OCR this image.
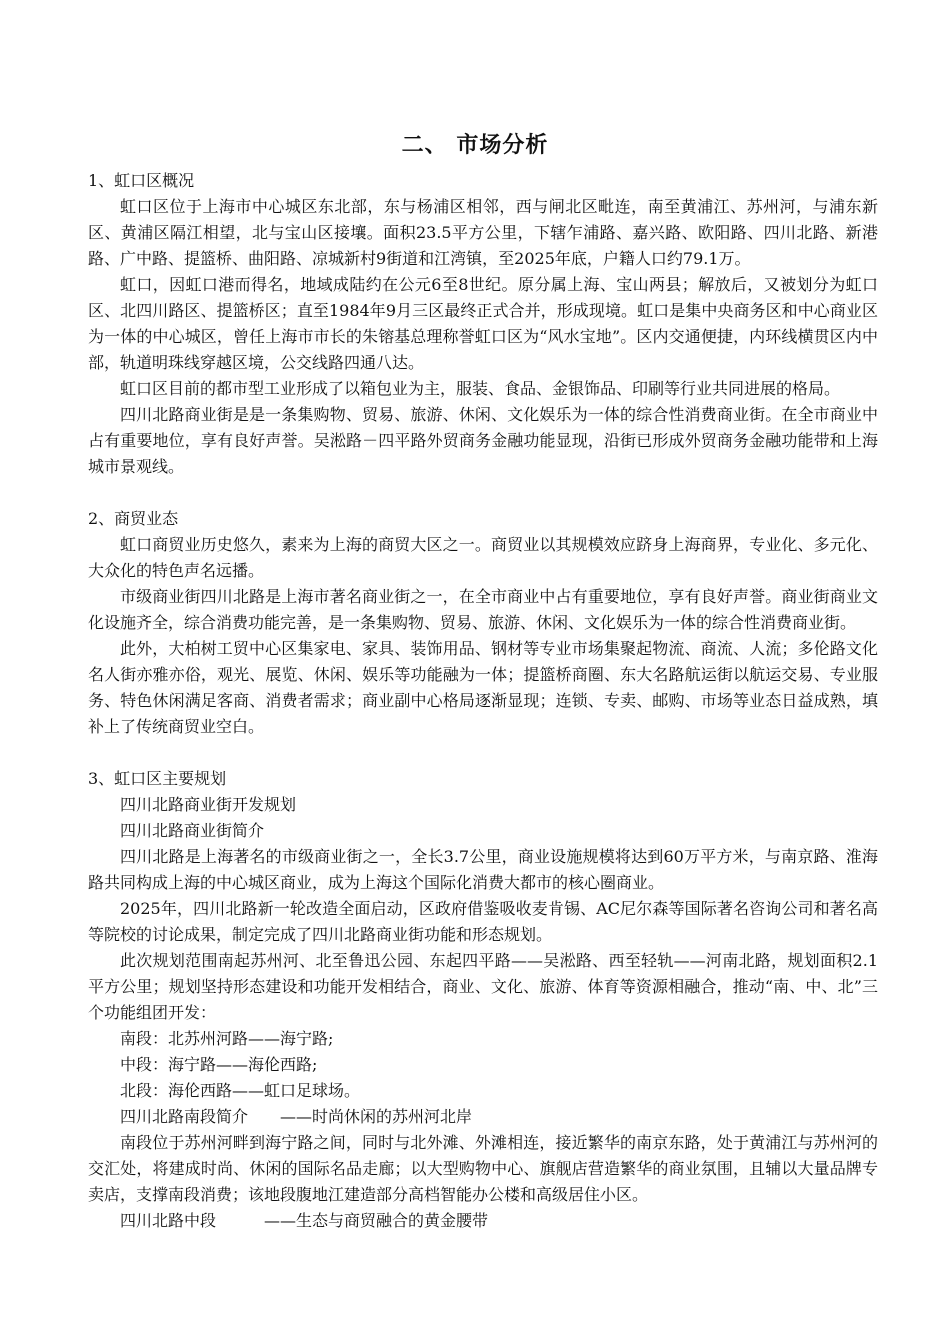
二、 市场分析

1、虹口区概况

虹口区位于上海市中心城区东北部，东与杨浦区相邻，西与闸北区毗连，南至黄浦江、苏州河，与浦东新区、黄浦区隔江相望，北与宝山区接壤。面积23.5平方公里，下辖乍浦路、嘉兴路、欧阳路、四川北路、新港路、广中路、提篮桥、曲阳路、凉城新村9街道和江湾镇，至2025年底，户籍人口约79.1万。

虹口，因虹口港而得名，地域成陆约在公元6至8世纪。原分属上海、宝山两县；解放后，又被划分为虹口区、北四川路区、提篮桥区；直至1984年9月三区最终正式合并，形成现境。虹口是集中央商务区和中心商业区为一体的中心城区，曾任上海市市长的朱镕基总理称誉虹口区为“风水宝地”。区内交通便捷，内环线横贯区内中部，轨道明珠线穿越区境，公交线路四通八达。

虹口区目前的都市型工业形成了以箱包业为主，服装、食品、金银饰品、印刷等行业共同进展的格局。

四川北路商业街是是一条集购物、贸易、旅游、休闲、文化娱乐为一体的综合性消费商业街。在全市商业中占有重要地位，享有良好声誉。吴淞路－四平路外贸商务金融功能显现，沿街已形成外贸商务金融功能带和上海城市景观线。

2、商贸业态

虹口商贸业历史悠久，素来为上海的商贸大区之一。商贸业以其规模效应跻身上海商界，专业化、多元化、大众化的特色声名远播。

市级商业街四川北路是上海市著名商业街之一，在全市商业中占有重要地位，享有良好声誉。商业街商业文化设施齐全，综合消费功能完善，是一条集购物、贸易、旅游、休闲、文化娱乐为一体的综合性消费商业街。

此外，大柏树工贸中心区集家电、家具、装饰用品、钢材等专业市场集聚起物流、商流、人流；多伦路文化名人街亦雅亦俗，观光、展览、休闲、娱乐等功能融为一体；提篮桥商圈、东大名路航运街以航运交易、专业服务、特色休闲满足客商、消费者需求；商业副中心格局逐渐显现；连锁、专卖、邮购、市场等业态日益成熟，填补上了传统商贸业空白。

3、虹口区主要规划

四川北路商业街开发规划

四川北路商业街简介

四川北路是上海著名的市级商业街之一，全长3.7公里，商业设施规模将达到60万平方米，与南京路、淮海路共同构成上海的中心城区商业，成为上海这个国际化消费大都市的核心圈商业。

2025年，四川北路新一轮改造全面启动，区政府借鉴吸收麦肯锡、AC尼尔森等国际著名咨询公司和著名高等院校的讨论成果，制定完成了四川北路商业街功能和形态规划。

此次规划范围南起苏州河、北至鲁迅公园、东起四平路——吴淞路、西至轻轨——河南北路，规划面积2.1平方公里；规划坚持形态建设和功能开发相结合，商业、文化、旅游、体育等资源相融合，推动“南、中、北”三个功能组团开发：

南段：北苏州河路——海宁路;

中段：海宁路——海伦西路;

北段：海伦西路——虹口足球场。

四川北路南段简介　　——时尚休闲的苏州河北岸

南段位于苏州河畔到海宁路之间，同时与北外滩、外滩相连，接近繁华的南京东路，处于黄浦江与苏州河的交汇处，将建成时尚、休闲的国际名品走廊；以大型购物中心、旗舰店营造繁华的商业氛围，且辅以大量品牌专卖店，支撑南段消费；该地段腹地江建造部分高档智能办公楼和高级居住小区。

四川北路中段　　　——生态与商贸融合的黄金腰带
